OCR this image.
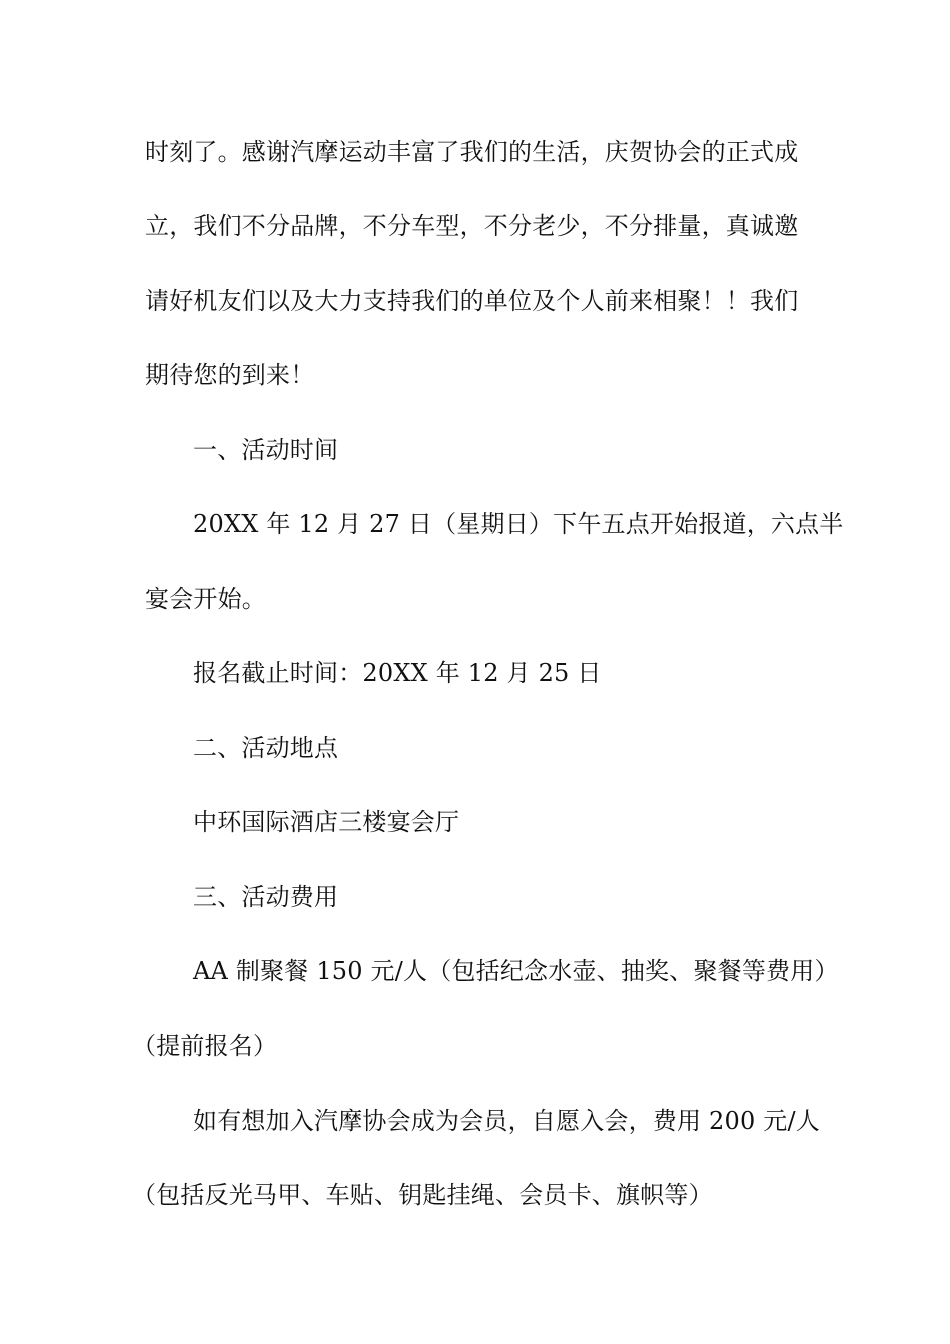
时刻了。感谢汽摩运动丰富了我们的生活，庆贺协会的正式成
立，我们不分品牌，不分车型，不分老少，不分排量，真诚邀
请好机友们以及大力支持我们的单位及个人前来相聚！！我们
期待您的到来！
一、活动时间
20XX 年 12 月 27 日（星期日）下午五点开始报道，六点半
宴会开始。
报名截止时间：20XX 年 12 月 25 日
二、活动地点
中环国际酒店三楼宴会厅
三、活动费用
AA 制聚餐 150 元/人（包括纪念水壶、抽奖、聚餐等费用）
（提前报名）
如有想加入汽摩协会成为会员，自愿入会，费用 200 元/人
（包括反光马甲、车贴、钥匙挂绳、会员卡、旗帜等）
